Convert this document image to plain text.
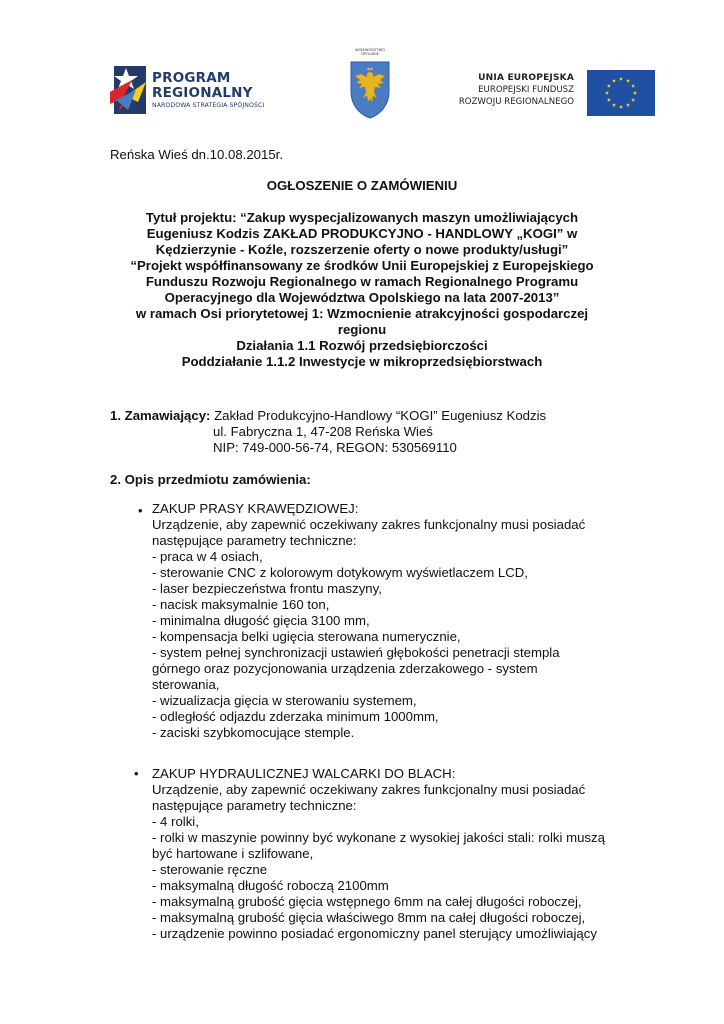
PROGRAM
REGIONALNY
NARODOWA STRATEGIA SPÓJNOŚCI
WOJEWÓDZTWO
OPOLSKIE
UNIA EUROPEJSKA
EUROPEJSKI FUNDUSZ
ROZWOJU REGIONALNEGO
Reńska Wieś dn.10.08.2015r.
OGŁOSZENIE O ZAMÓWIENIU
Tytuł projektu: “Zakup wyspecjalizowanych maszyn umożliwiających
Eugeniusz Kodzis ZAKŁAD PRODUKCYJNO - HANDLOWY „KOGI” w
Kędzierzynie - Koźle, rozszerzenie oferty o nowe produkty/usługi”
“Projekt współfinansowany ze środków Unii Europejskiej z Europejskiego
Funduszu Rozwoju Regionalnego w ramach Regionalnego Programu
Operacyjnego dla Województwa Opolskiego na lata 2007-2013”
w ramach Osi priorytetowej 1: Wzmocnienie atrakcyjności gospodarczej
regionu
Działania 1.1 Rozwój przedsiębiorczości
Poddziałanie 1.1.2 Inwestycje w mikroprzedsiębiorstwach
1. Zamawiający: Zakład Produkcyjno-Handlowy “KOGI” Eugeniusz Kodzis
ul. Fabryczna 1, 47-208 Reńska Wieś
NIP: 749-000-56-74, REGON: 530569110
2. Opis przedmiotu zamówienia:
• ZAKUP PRASY KRAWĘDZIOWEJ:
Urządzenie, aby zapewnić oczekiwany zakres funkcjonalny musi posiadać
następujące parametry techniczne:
- praca w 4 osiach,
- sterowanie CNC z kolorowym dotykowym wyświetlaczem LCD,
- laser bezpieczeństwa frontu maszyny,
- nacisk maksymalnie 160 ton,
- minimalna długość gięcia 3100 mm,
- kompensacja belki ugięcia sterowana numerycznie,
- system pełnej synchronizacji ustawień głębokości penetracji stempla
górnego oraz pozycjonowania urządzenia zderzakowego - system
sterowania,
- wizualizacja gięcia w sterowaniu systemem,
- odległość odjazdu zderzaka minimum 1000mm,
- zaciski szybkomocujące stemple.
• ZAKUP HYDRAULICZNEJ WALCARKI DO BLACH:
Urządzenie, aby zapewnić oczekiwany zakres funkcjonalny musi posiadać
następujące parametry techniczne:
- 4 rolki,
- rolki w maszynie powinny być wykonane z wysokiej jakości stali: rolki muszą
być hartowane i szlifowane,
- sterowanie ręczne
- maksymalną długość roboczą 2100mm
- maksymalną grubość gięcia wstępnego 6mm na całej długości roboczej,
- maksymalną grubość gięcia właściwego 8mm na całej długości roboczej,
- urządzenie powinno posiadać ergonomiczny panel sterujący umożliwiający
